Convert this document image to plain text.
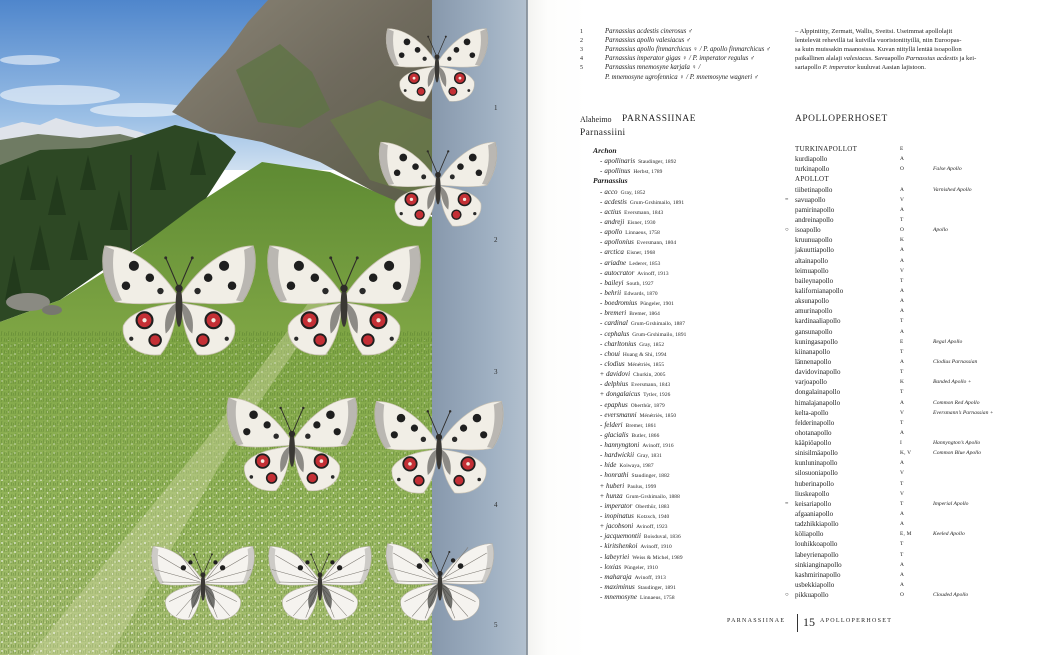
1
2
3
4
5
1	Parnassius acdestis cinerosus ♂
2	Parnassius apollo valesiacus ♂
3	Parnassius apollo finmarchicus ♀ / P. apollo finmarchicus ♂
4	Parnassius imperator gigas ♀ / P. imperator regulus ♂
5	Parnassius mnemosyne karjala ♀ /
P. mnemosyne ugrofennica ♀ / P. mnemosyne wagneri ♂
– Alppiniitty, Zermatt, Wallis, Sveitsi. Useimmat apollolajit
lentelevät rehevillä tai kuivilla vuoristoniityillä, niin Euroopas-
sa kuin muissakin maanosissa. Kuvan niityllä lentää isoapollon
paikallinen alalaji valesiacus. Savuapollo Parnassius acdestis ja kei-
sariapollo P. imperator kuuluvat Aasian lajistoon.
Alaheimo PARNASSIINAE	APOLLOPERHOSET
Parnassiini
Archon	TURKINAPOLLOT	E
- apollinaris Staudinger, 1892	kurdiapollo	A
- apollinus Herbst, 1789	turkinapollo	O	False Apollo
Parnassius	APOLLOT
- acco Gray, 1852	tiibetinapollo	A	Varnished Apollo
- acdestis Grum-Grshimailo, 1891	= savuapollo	V
- actius Eversmann, 1843	pamirinapollo	A
- andreji Eisner, 1930	andreinapollo	T
- apollo Linnaeus, 1758	○ isoapollo	O	Apollo
- apollonius Eversmann, 1804	kruunuapollo	K
- arctica Eisner, 1968	jakuuttiapollo	A
- ariadne Lederer, 1853	altainapollo	A
- autocrator Avinoff, 1913	leimuapollo	V
- baileyi South, 1927	baileynapollo	T
- behrii Edwards, 1870	kalifornianapollo	A
- boedromius Püngeler, 1901	aksunapollo	A
- bremeri Bremer, 1864	amurinapollo	A
- cardinal Grum-Grshimailo, 1887	kardinaaliapollo	T
- cephalus Grum-Grshimailo, 1891	gansunapollo	A
- charltonius Gray, 1852	kuningasapollo	E	Regal Apollo
- choui Huang & Shi, 1994	kiinanapollo	T
- clodius Ménétriès, 1855	lännenapollo	A	Clodius Parnassian
+ davidovi Churkin, 2005	davidovinapollo	T
- delphius Eversmann, 1843	varjoapollo	K	Banded Apollo +
+ dongalaicus Tytler, 1926	dongalainapollo	T
- epaphus Oberthür, 1879	himalajanapollo	A	Common Red Apollo
- eversmanni Ménétriès, 1850	kelta-apollo	V	Eversmann’s Parnassian +
- felderi Bremer, 1861	felderinapollo	T
- glacialis Butler, 1866	ohotanapollo	A
- hannyngtoni Avinoff, 1916	kääpiöapollo	I	Hannyngton’s Apollo
- hardwickii Gray, 1831	sinisilmäapollo	K, V	Common Blue Apollo
- hide Koiwaya, 1987	kunluninapollo	A
- honrathi Staudinger, 1882	silosuoniapollo	V
+ huberi Paulus, 1999	huberinapollo	T
+ hunza Grum-Grshimailo, 1888	liuskeapollo	V
- imperator Oberthür, 1883	= keisariapollo	T	Imperial Apollo
- inopinatus Kotzsch, 1940	afgaaniapollo	A
+ jacobsoni Avinoff, 1923	tadzhikkiapollo	A
- jacquemontii Boisduval, 1836	köliapollo	E, M	Keeled Apollo
- kiritshenkoi Avinoff, 1910	louhikkoapollo	T
- labeyriei Weiss & Michel, 1989	labeyrienapollo	T
- loxias Püngeler, 1910	sinkianginapollo	A
- maharaja Avinoff, 1913	kashmirinapollo	A
- maximinus Staudinger, 1891	usbekkiapollo	A
- mnemosyne Linnaeus, 1758	○ pikkuapollo	O	Clouded Apollo
PARNASSIINAE 15 APOLLOPERHOSET
